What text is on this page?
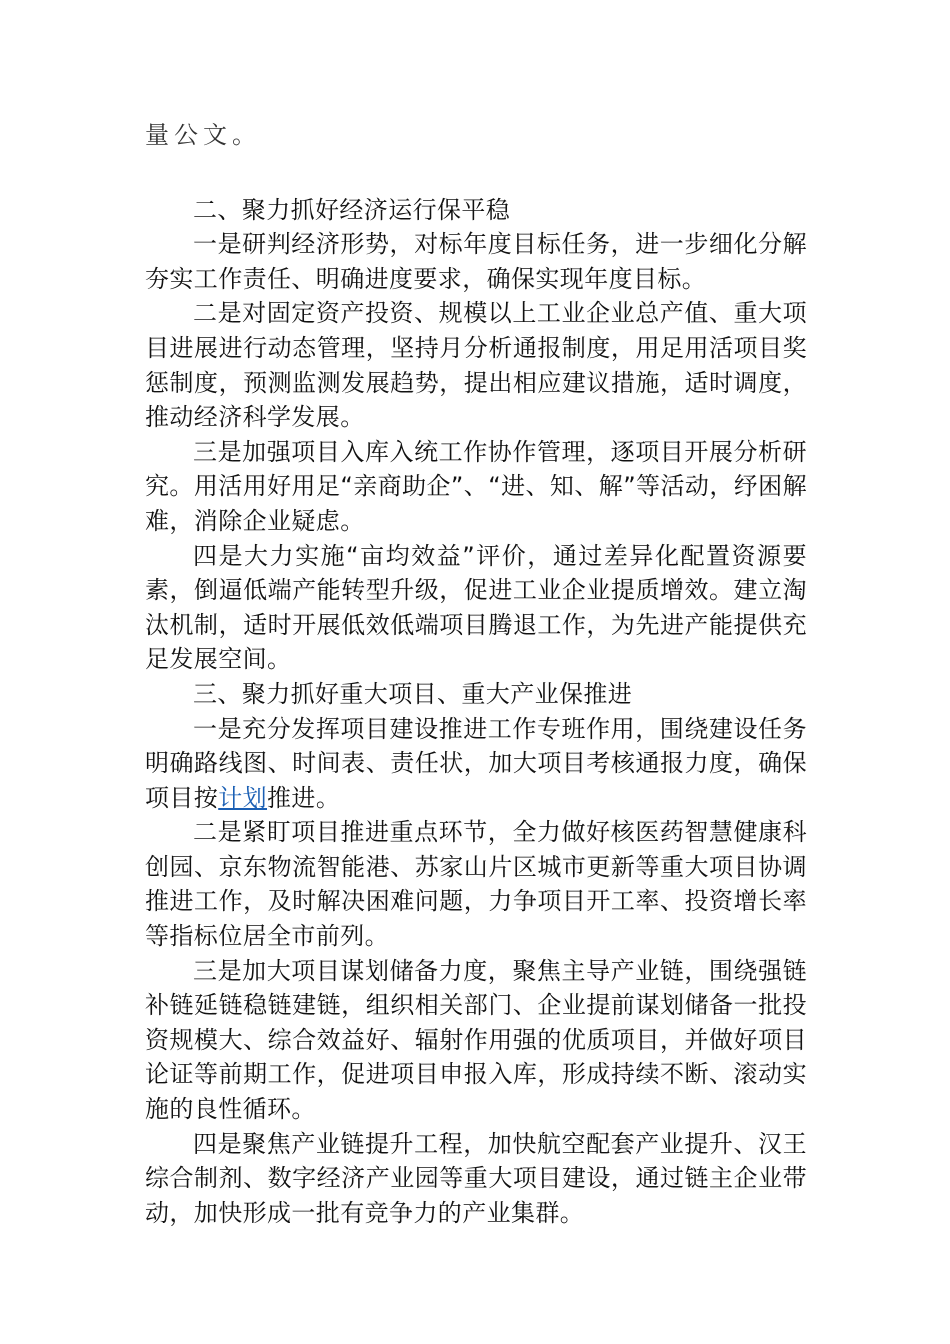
量公文。

二、聚力抓好经济运行保平稳

一是研判经济形势，对标年度目标任务，进一步细化分解夯实工作责任、明确进度要求，确保实现年度目标。

二是对固定资产投资、规模以上工业企业总产值、重大项目进展进行动态管理，坚持月分析通报制度，用足用活项目奖惩制度，预测监测发展趋势，提出相应建议措施，适时调度，推动经济科学发展。

三是加强项目入库入统工作协作管理，逐项目开展分析研究。用活用好用足“亲商助企”、“进、知、解”等活动，纾困解难，消除企业疑虑。

四是大力实施“亩均效益”评价，通过差异化配置资源要素，倒逼低端产能转型升级，促进工业企业提质增效。建立淘汰机制，适时开展低效低端项目腾退工作，为先进产能提供充足发展空间。

三、聚力抓好重大项目、重大产业保推进

一是充分发挥项目建设推进工作专班作用，围绕建设任务明确路线图、时间表、责任状，加大项目考核通报力度，确保项目按计划推进。

二是紧盯项目推进重点环节，全力做好核医药智慧健康科创园、京东物流智能港、苏家山片区城市更新等重大项目协调推进工作，及时解决困难问题，力争项目开工率、投资增长率等指标位居全市前列。

三是加大项目谋划储备力度，聚焦主导产业链，围绕强链补链延链稳链建链，组织相关部门、企业提前谋划储备一批投资规模大、综合效益好、辐射作用强的优质项目，并做好项目论证等前期工作，促进项目申报入库，形成持续不断、滚动实施的良性循环。

四是聚焦产业链提升工程，加快航空配套产业提升、汉王综合制剂、数字经济产业园等重大项目建设，通过链主企业带动，加快形成一批有竞争力的产业集群。
